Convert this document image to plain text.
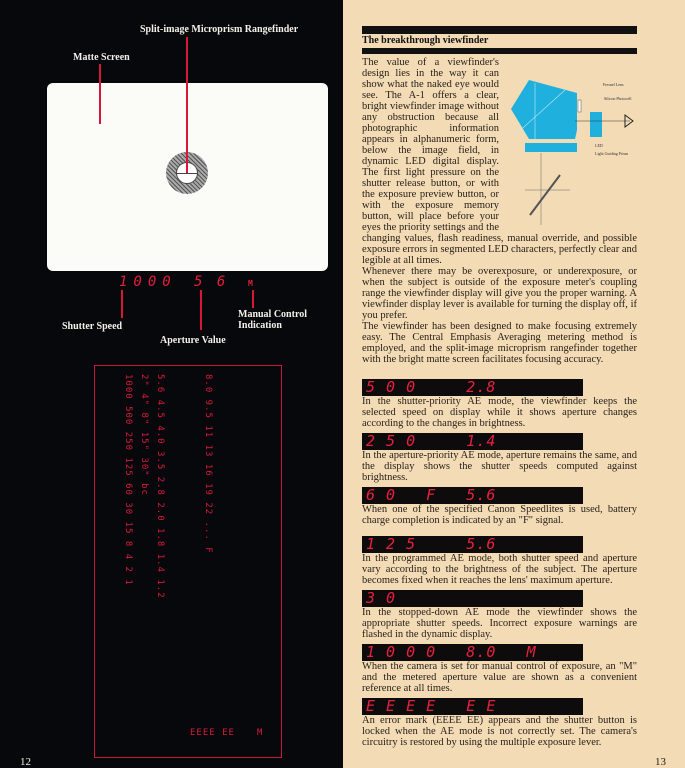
Split-image Microprism Rangefinder
Matte Screen
1000 5 6 M
Shutter Speed
Aperture Value
Manual Control Indication
1000 500 250 125 60 30 15 8 4 2 1 2" 4" 8" 15" 30" bc 5.6 4.5 4.0 3.5 2.8 2.0 1.8 1.4 1.2	8.0 9.5 11 13 16 19 22 ... F
EEEE EE M
12
The breakthrough viewfinder
Fresnel Lens
Silicon Photocell
LED
Light Guiding Prism

The value of a viewfinder's design lies in the way it can show what the naked eye would see. The A-1 offers a clear, bright viewfinder image without any obstruction because all photographic information appears in alphanumeric form, below the image field, in dynamic LED digital display. The first light pressure on the shutter release button, or with the exposure preview button, or with the exposure memory button, will place before your eyes the priority settings and the changing values, flash readiness, manual override, and possible exposure errors in segmented LED characters, perfectly clear and legible at all times.

Whenever there may be overexposure, or underexposure, or when the subject is outside of the exposure meter's coupling range the viewfinder display will give you the proper warning. A viewfinder display lever is available for turning the display off, if you prefer.

The viewfinder has been designed to make focusing extremely easy. The Central Emphasis Averaging metering method is employed, and the split-image microprism rangefinder together with the bright matte screen facilitates focusing accuracy.

5 0 0     2.8

In the shutter-priority AE mode, the viewfinder keeps the selected speed on display while it shows aperture changes according to the changes in brightness.

2 5 0     1.4

In the aperture-priority AE mode, aperture remains the same, and the display shows the shutter speeds computed against brightness.

6 0   F   5.6

When one of the specified Canon Speedlites is used, battery charge completion is indicated by an "F" signal.

1 2 5     5.6

In the programmed AE mode, both shutter speed and aperture vary according to the brightness of the subject. The aperture becomes fixed when it reaches the lens' maximum aperture.

3 0

In the stopped-down AE mode the viewfinder shows the appropriate shutter speeds. Incorrect exposure warnings are flashed in the dynamic display.

1 0 0 0   8.0   M

When the camera is set for manual control of exposure, an "M" and the metered aperture value are shown as a convenient reference at all times.

E E E E   E E

An error mark (EEEE EE) appears and the shutter button is locked when the AE mode is not correctly set. The camera's circuitry is restored by using the multiple exposure lever.

13
